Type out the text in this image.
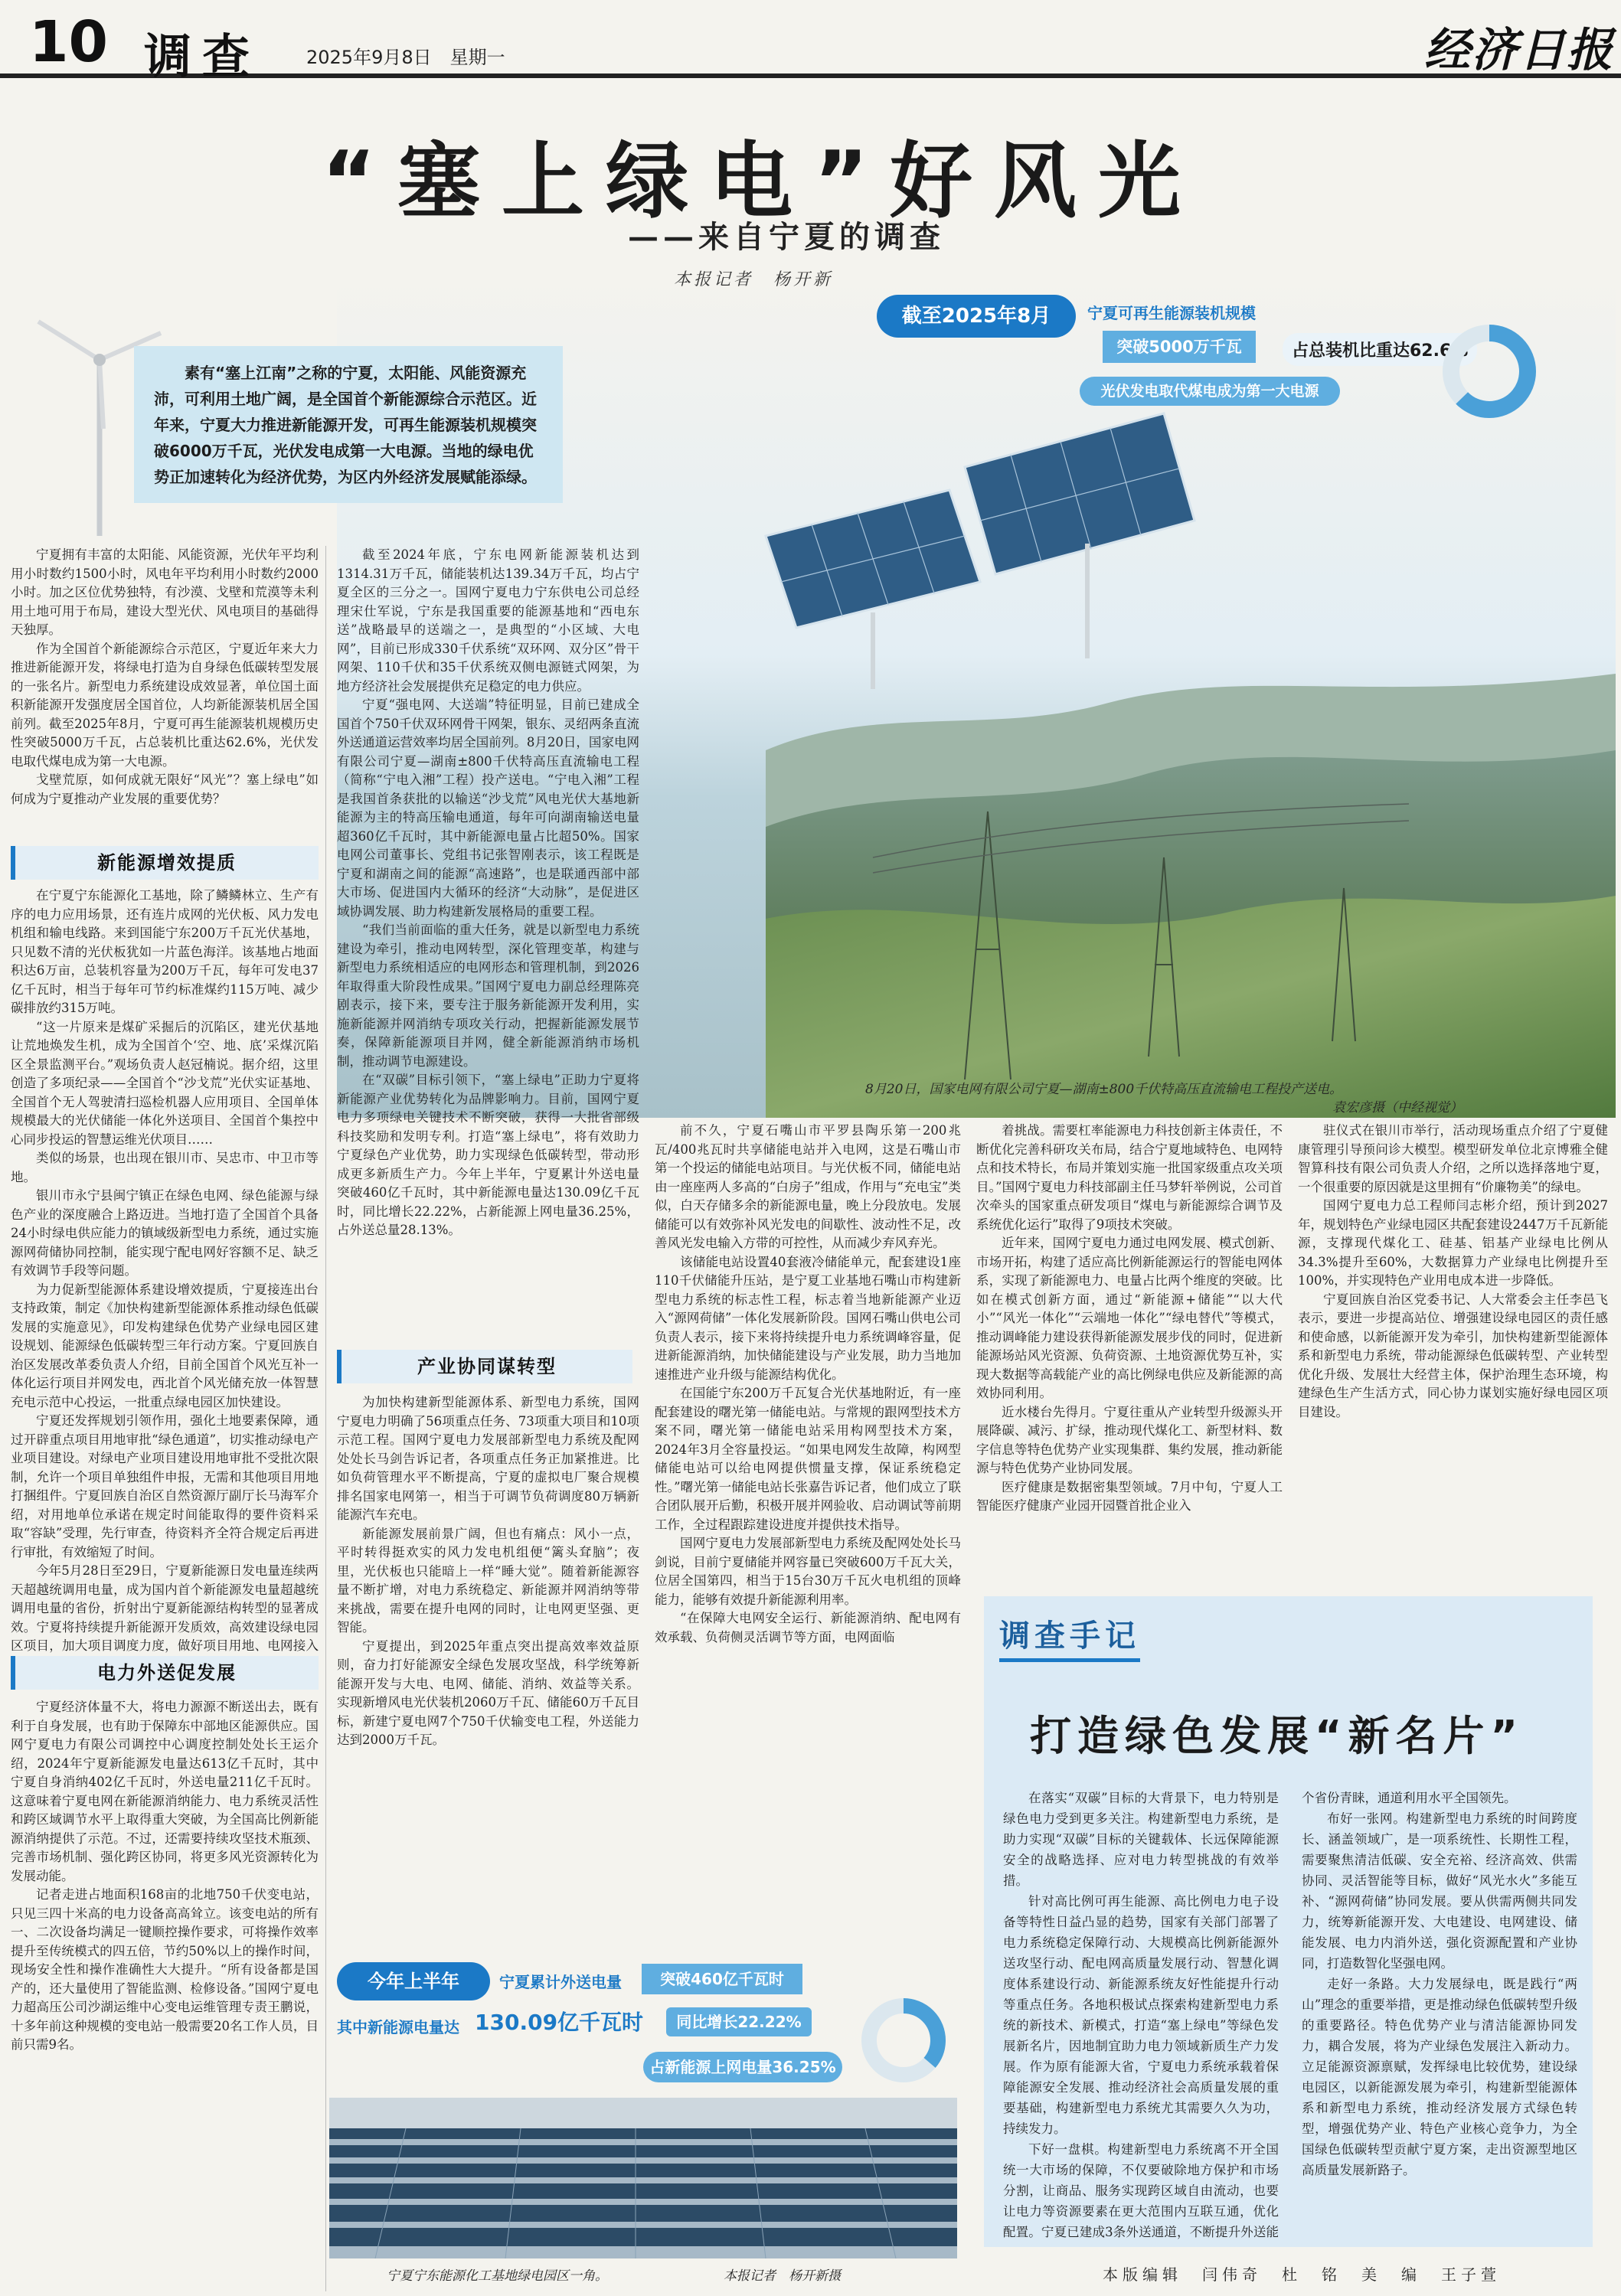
10 调查 2025年9月8日　星期一	经济日报
“塞上绿电”好风光
——来自宁夏的调查
本报记者　杨开新
素有“塞上江南”之称的宁夏，太阳能、风能资源充沛，可利用土地广阔，是全国首个新能源综合示范区。近年来，宁夏大力推进新能源开发，可再生能源装机规模突破6000万千瓦，光伏发电成第一大电源。当地的绿电优势正加速转化为经济优势，为区内外经济发展赋能添绿。
截至2025年8月	宁夏可再生能源装机规模
突破5000万千瓦	占总装机比重达62.6%
光伏发电取代煤电成为第一大电源
8月20日，国家电网有限公司宁夏—湖南±800千伏特高压直流输电工程投产送电。
袁宏彦摄（中经视觉）

宁夏拥有丰富的太阳能、风能资源，光伏年平均利用小时数约1500小时，风电年平均利用小时数约2000小时。加之区位优势独特，有沙漠、戈壁和荒漠等未利用土地可用于布局，建设大型光伏、风电项目的基础得天独厚。

作为全国首个新能源综合示范区，宁夏近年来大力推进新能源开发，将绿电打造为自身绿色低碳转型发展的一张名片。新型电力系统建设成效显著，单位国土面积新能源开发强度居全国首位，人均新能源装机居全国前列。截至2025年8月，宁夏可再生能源装机规模历史性突破5000万千瓦，占总装机比重达62.6%，光伏发电取代煤电成为第一大电源。

戈壁荒原，如何成就无限好“风光”？塞上绿电”如何成为宁夏推动产业发展的重要优势？

新能源增效提质

在宁夏宁东能源化工基地，除了鳞鳞林立、生产有序的电力应用场景，还有连片成网的光伏板、风力发电机组和输电线路。来到国能宁东200万千瓦光伏基地，只见数不清的光伏板犹如一片蓝色海洋。该基地占地面积达6万亩，总装机容量为200万千瓦，每年可发电37亿千瓦时，相当于每年可节约标准煤约115万吨、减少碳排放约315万吨。

“这一片原来是煤矿采掘后的沉陷区，建光伏基地让荒地焕发生机，成为全国首个‘空、地、底’采煤沉陷区全景监测平台。”观场负责人赵冠楠说。据介绍，这里创造了多项纪录——全国首个“沙戈荒”光伏实证基地、全国首个无人驾驶清扫巡检机器人应用项目、全国单体规模最大的光伏储能一体化外送项目、全国首个集控中心同步投运的智慧运维光伏项目……

类似的场景，也出现在银川市、吴忠市、中卫市等地。

银川市永宁县闽宁镇正在绿色电网、绿色能源与绿色产业的深度融合上路迈进。当地打造了全国首个具备24小时绿电供应能力的镇域级新型电力系统，通过实施源网荷储协同控制，能实现宁配电网好容额不足、缺乏有效调节手段等问题。

为力促新型能源体系建设增效提质，宁夏接连出台支持政策，制定《加快构建新型能源体系推动绿色低碳发展的实施意见》，印发构建绿色优势产业绿电园区建设规划、能源绿色低碳转型三年行动方案。宁夏回族自治区发展改革委负责人介绍，目前全国首个风光互补一体化运行项目并网发电，西北首个风光储充放一体智慧充电示范中心投运，一批重点绿电园区加快建设。

宁夏还发挥规划引领作用，强化土地要素保障，通过开辟重点项目用地审批“绿色通道”，切实推动绿电产业项目建设。对绿电产业项目建设用地审批不受批次限制，允许一个项目单独组件申报，无需和其他项目用地打捆组件。宁夏回族自治区自然资源厅副厅长马海军介绍，对用地单位承诺在规定时间能取得的要件资料采取“容缺”受理，先行审查，待资料齐全符合规定后再进行审批，有效缩短了时间。

今年5月28日至29日，宁夏新能源日发电量连续两天超越统调用电量，成为国内首个新能源发电量超越统调用电量的省份，折射出宁夏新能源结构转型的显著成效。宁夏将持续提升新能源开发质效，高效建设绿电园区项目，加大项目调度力度，做好项目用地、电网接入

电力外送促发展

宁夏经济体量不大，将电力源源不断送出去，既有利于自身发展，也有助于保障东中部地区能源供应。国网宁夏电力有限公司调控中心调度控制处处长王运介绍，2024年宁夏新能源发电量达613亿千瓦时，其中宁夏自身消纳402亿千瓦时，外送电量211亿千瓦时。这意味着宁夏电网在新能源消纳能力、电力系统灵活性和跨区域调节水平上取得重大突破，为全国高比例新能源消纳提供了示范。不过，还需要持续攻坚技术瓶颈、完善市场机制、强化跨区协同，将更多风光资源转化为发展动能。

记者走进占地面积168亩的北地750千伏变电站，只见三四十米高的电力设备高高耸立。该变电站的所有一、二次设备均满足一键顺控操作要求，可将操作效率提升至传统模式的四五倍，节约50%以上的操作时间，现场安全性和操作准确性大大提升。“所有设备都是国产的，还大量使用了智能监测、检修设备。”国网宁夏电力超高压公司沙湖运维中心变电运维管理专责王鹏说，十多年前这种规模的变电站一般需要20名工作人员，目前只需9名。

截至2024年底，宁东电网新能源装机达到1314.31万千瓦，储能装机达139.34万千瓦，均占宁夏全区的三分之一。国网宁夏电力宁东供电公司总经理宋仕军说，宁东是我国重要的能源基地和“西电东送”战略最早的送端之一，是典型的“小区域、大电网”，目前已形成330千伏系统“双环网、双分区”骨干网架、110千伏和35千伏系统双侧电源链式网架，为地方经济社会发展提供充足稳定的电力供应。

宁夏“强电网、大送端”特征明显，目前已建成全国首个750千伏双环网骨干网架，银东、灵绍两条直流外送通道运营效率均居全国前列。8月20日，国家电网有限公司宁夏—湖南±800千伏特高压直流输电工程（简称“宁电入湘”工程）投产送电。“宁电入湘”工程是我国首条获批的以输送“沙戈荒”风电光伏大基地新能源为主的特高压输电通道，每年可向湖南输送电量超360亿千瓦时，其中新能源电量占比超50%。国家电网公司董事长、党组书记张智刚表示，该工程既是宁夏和湖南之间的能源“高速路”，也是联通西部中部大市场、促进国内大循环的经济“大动脉”，是促进区域协调发展、助力构建新发展格局的重要工程。

“我们当前面临的重大任务，就是以新型电力系统建设为牵引，推动电网转型，深化管理变革，构建与新型电力系统相适应的电网形态和管理机制，到2026年取得重大阶段性成果。”国网宁夏电力副总经理陈亮剧表示，接下来，要专注于服务新能源开发利用，实施新能源并网消纳专项攻关行动，把握新能源发展节奏，保障新能源项目并网，健全新能源消纳市场机制，推动调节电源建设。

在“双碳”目标引领下，“塞上绿电”正助力宁夏将新能源产业优势转化为品牌影响力。目前，国网宁夏电力多项绿电关键技术不断突破，获得一大批省部级科技奖励和发明专利。打造“塞上绿电”，将有效助力宁夏绿色产业优势，助力实现绿色低碳转型，带动形成更多新质生产力。今年上半年，宁夏累计外送电量突破460亿千瓦时，其中新能源电量达130.09亿千瓦时，同比增长22.22%，占新能源上网电量36.25%，占外送总量28.13%。

产业协同谋转型

为加快构建新型能源体系、新型电力系统，国网宁夏电力明确了56项重点任务、73项重大项目和10项示范工程。国网宁夏电力发展部新型电力系统及配网处处长马剑告诉记者，各项重点任务正加紧推进。比如负荷管理水平不断提高，宁夏的虚拟电厂聚合规模排名国家电网第一，相当于可调节负荷调度80万辆新能源汽车充电。

新能源发展前景广阔，但也有痛点：风小一点，平时转得挺欢实的风力发电机组便“篱头耷脑”；夜里，光伏板也只能暗上一样“睡大觉”。随着新能源容量不断扩增，对电力系统稳定、新能源并网消纳等带来挑战，需要在提升电网的同时，让电网更坚强、更智能。

宁夏提出，到2025年重点突出提高效率效益原则，奋力打好能源安全绿色发展攻坚战，科学统筹新能源开发与大电、电网、储能、消纳、效益等关系。实现新增风电光伏装机2060万千瓦、储能60万千瓦目标，新建宁夏电网7个750千伏输变电工程，外送能力达到2000万千瓦。

前不久，宁夏石嘴山市平罗县陶乐第一200兆瓦/400兆瓦时共享储能电站并入电网，这是石嘴山市第一个投运的储能电站项目。与光伏板不同，储能电站由一座座两人多高的“白房子”组成，作用与“充电宝”类似，白天存储多余的新能源电量，晚上分段放电。发展储能可以有效弥补风光发电的间歇性、波动性不足，改善风光发电输入方带的可控性，从而减少弃风弃光。

该储能电站设置40套液冷储能单元，配套建设1座110千伏储能升压站，是宁夏工业基地石嘴山市构建新型电力系统的标志性工程，标志着当地新能源产业迈入“源网荷储”一体化发展新阶段。国网石嘴山供电公司负责人表示，接下来将持续提升电力系统调峰容量，促进新能源消纳，加快储能建设与产业发展，助力当地加速推进产业升级与能源结构优化。

在国能宁东200万千瓦复合光伏基地附近，有一座配套建设的曙光第一储能电站。与常规的跟网型技术方案不同，曙光第一储能电站采用构网型技术方案，2024年3月全容量投运。“如果电网发生故障，构网型储能电站可以给电网提供惯量支撑，保证系统稳定性。”曙光第一储能电站长张嘉告诉记者，他们成立了联合团队展开后勤，积极开展并网验收、启动调试等前期工作，全过程跟踪建设进度并提供技术指导。

国网宁夏电力发展部新型电力系统及配网处处长马剑说，目前宁夏储能并网容量已突破600万千瓦大关，位居全国第四，相当于15台30万千瓦火电机组的顶峰能力，能够有效提升新能源利用率。

“在保障大电网安全运行、新能源消纳、配电网有效承载、负荷侧灵活调节等方面，电网面临

着挑战。需要杠率能源电力科技创新主体责任，不断优化完善科研攻关布局，结合宁夏地域特色、电网特点和技术特长，布局并策划实施一批国家级重点攻关项目。”国网宁夏电力科技部副主任马梦轩举例说，公司首次牵头的国家重点研发项目“煤电与新能源综合调节及系统优化运行”取得了9项技术突破。

近年来，国网宁夏电力通过电网发展、模式创新、市场开拓，构建了适应高比例新能源运行的智能电网体系，实现了新能源电力、电量占比两个维度的突破。比如在模式创新方面，通过“新能源+储能”“以大代小”“风光一体化”“云端地一体化”“绿电替代”等模式，推动调峰能力建设获得新能源发展步伐的同时，促进新能源场站风光资源、负荷资源、土地资源优势互补，实现大数据等高载能产业的高比例绿电供应及新能源的高效协同利用。

近水楼台先得月。宁夏往重从产业转型升级源头开展降碳、减污、扩绿，推动现代煤化工、新型材料、数字信息等特色优势产业实现集群、集约发展，推动新能源与特色优势产业协同发展。

医疗健康是数据密集型领域。7月中旬，宁夏人工智能医疗健康产业园开园暨首批企业入

驻仪式在银川市举行，活动现场重点介绍了宁夏健康管理引导预问诊大模型。模型研发单位北京博雅全健智算科技有限公司负责人介绍，之所以选择落地宁夏，一个很重要的原因就是这里拥有“价廉物美”的绿电。

国网宁夏电力总工程师闫志彬介绍，预计到2027年，规划特色产业绿电园区共配套建设2447万千瓦新能源，支撑现代煤化工、硅基、铝基产业绿电比例从34.3%提升至60%，大数据算力产业绿电比例提升至100%，并实现特色产业用电成本进一步降低。

宁夏回族自治区党委书记、人大常委会主任李邑飞表示，要进一步提高站位、增强建设绿电园区的责任感和使命感，以新能源开发为牵引，加快构建新型能源体系和新型电力系统，带动能源绿色低碳转型、产业转型优化升级、发展壮大经营主体，保护治理生态环境，构建绿色生产生活方式，同心协力谋划实施好绿电园区项目建设。

今年上半年	宁夏累计外送电量	突破460亿千瓦时
其中新能源电量达 130.09亿千瓦时	同比增长22.22%
占新能源上网电量36.25%
宁夏宁东能源化工基地绿电园区一角。	本报记者　杨开新摄
调查手记
打造绿色发展“新名片”

在落实“双碳”目标的大背景下，电力特别是绿色电力受到更多关注。构建新型电力系统，是助力实现“双碳”目标的关键载体、长远保障能源安全的战略选择、应对电力转型挑战的有效举措。

针对高比例可再生能源、高比例电力电子设备等特性日益凸显的趋势，国家有关部门部署了电力系统稳定保障行动、大规模高比例新能源外送攻坚行动、配电网高质量发展行动、智慧化调度体系建设行动、新能源系统友好性能提升行动等重点任务。各地积极试点探索构建新型电力系统的新技术、新模式，打造“塞上绿电”等绿色发展新名片，因地制宜助力电力领域新质生产力发展。作为原有能源大省，宁夏电力系统承载着保障能源安全发展、推动经济社会高质量发展的重要基础，构建新型电力系统尤其需要久久为功，持续发力。

下好一盘棋。构建新型电力系统离不开全国统一大市场的保障，不仅要破除地方保护和市场分割，让商品、服务实现跨区域自由流动，也要让电力等资源要素在更大范围内互联互通，优化配置。宁夏已建成3条外送通道，不断提升外送能

个省份青睐，通道利用水平全国领先。

布好一张网。构建新型电力系统的时间跨度长、涵盖领域广，是一项系统性、长期性工程，需要聚焦清洁低碳、安全充裕、经济高效、供需协同、灵活智能等目标，做好“风光水火”多能互补、“源网荷储”协同发展。要从供需两侧共同发力，统筹新能源开发、大电建设、电网建设、储能发展、电力内消外送，强化资源配置和产业协同，打造数智化坚强电网。

走好一条路。大力发展绿电，既是践行“两山”理念的重要举措，更是推动绿色低碳转型升级的重要路径。特色优势产业与清洁能源协同发力，耦合发展，将为产业绿色发展注入新动力。立足能源资源禀赋，发挥绿电比较优势，建设绿电园区，以新能源发展为牵引，构建新型能源体系和新型电力系统，推动经济发展方式绿色转型，增强优势产业、特色产业核心竞争力，为全国绿色低碳转型贡献宁夏方案，走出资源型地区高质量发展新路子。

本版编辑　闫伟奇　杜　铭　美　编　王子萱
